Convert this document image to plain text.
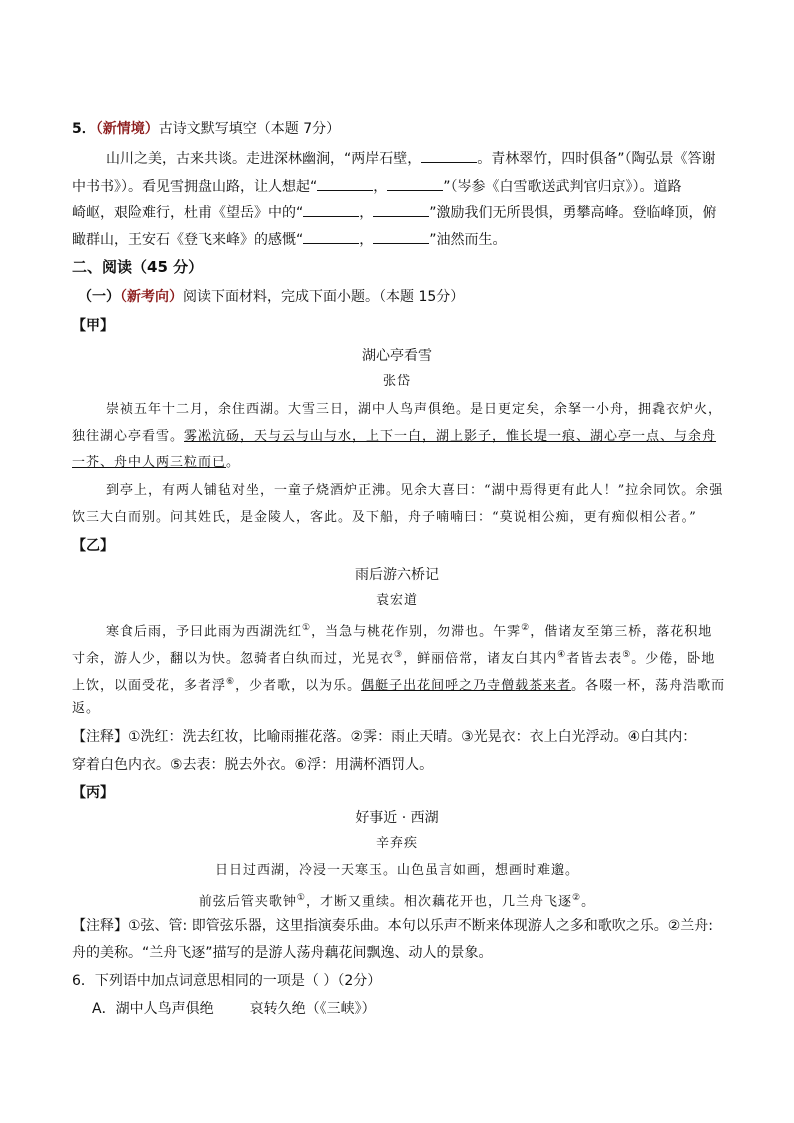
5．（新情境）古诗文默写填空（本题 7分）
山川之美，古来共谈。走进深林幽涧，“两岸石壁，	。青林翠竹，四时俱备”（陶弘景《答谢
中书书》）。看见雪拥盘山路，让人想起“	，	”（岑参《白雪歌送武判官归京》）。道路
崎岖，艰险难行，杜甫《望岳》中的“	，	”激励我们无所畏惧，勇攀高峰。登临峰顶，俯
瞰群山，王安石《登飞来峰》的感慨“	，	”油然而生。
二、阅读（45 分）
（一）（新考向）阅读下面材料，完成下面小题。（本题 15分）
【甲】
湖心亭看雪
张岱
崇祯五年十二月，余住西湖。大雪三日，湖中人鸟声俱绝。是日更定矣，余拏一小舟，拥毳衣炉火，
独往湖心亭看雪。雾凇沆砀，天与云与山与水，上下一白，湖上影子，惟长堤一痕、湖心亭一点、与余舟
一芥、舟中人两三粒而已。
到亭上，有两人铺毡对坐，一童子烧酒炉正沸。见余大喜曰：“湖中焉得更有此人！”拉余同饮。余强
饮三大白而别。问其姓氏，是金陵人，客此。及下船，舟子喃喃曰：“莫说相公痴，更有痴似相公者。”
【乙】
雨后游六桥记
袁宏道
寒食后雨，予曰此雨为西湖洗红①，当急与桃花作别，勿滞也。午霁②，偕诸友至第三桥，落花积地
寸余，游人少，翻以为快。忽骑者白纨而过，光晃衣③，鲜丽倍常，诸友白其内④者皆去表⑤。少倦，卧地
上饮，以面受花，多者浮⑥，少者歌，以为乐。偶艇子出花间呼之乃寺僧载茶来者。各啜一杯，荡舟浩歌而
返。
【注释】①洗红：洗去红妆，比喻雨摧花落。②霁：雨止天晴。③光晃衣：衣上白光浮动。④白其内：
穿着白色内衣。⑤去表：脱去外衣。⑥浮：用满杯酒罚人。
【丙】
好事近 · 西湖
辛弃疾
日日过西湖，冷浸一天寒玉。山色虽言如画，想画时难邈。
前弦后管夹歌钟①，才断又重续。相次藕花开也，几兰舟飞逐②。
【注释】①弦、管: 即管弦乐器，这里指演奏乐曲。本句以乐声不断来体现游人之多和歌吹之乐。②兰舟:
舟的美称。“兰舟飞逐”描写的是游人荡舟藕花间飘逸、动人的景象。
6．下列语中加点词意思相同的一项是（ ）（2分）
A．湖中人鸟声俱绝	哀转久绝（《三峡》）
